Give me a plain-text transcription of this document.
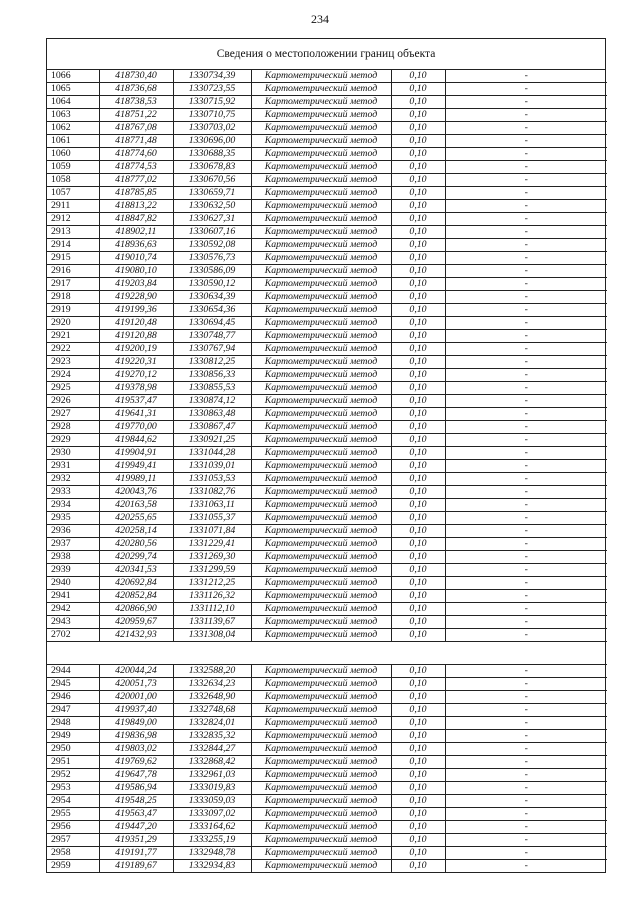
234
Сведения о местоположении границ объекта
1066	418730,40	1330734,39	Картометрический метод	0,10	-
1065	418736,68	1330723,55	Картометрический метод	0,10	-
1064	418738,53	1330715,92	Картометрический метод	0,10	-
1063	418751,22	1330710,75	Картометрический метод	0,10	-
1062	418767,08	1330703,02	Картометрический метод	0,10	-
1061	418771,48	1330696,00	Картометрический метод	0,10	-
1060	418774,60	1330688,35	Картометрический метод	0,10	-
1059	418774,53	1330678,83	Картометрический метод	0,10	-
1058	418777,02	1330670,56	Картометрический метод	0,10	-
1057	418785,85	1330659,71	Картометрический метод	0,10	-
2911	418813,22	1330632,50	Картометрический метод	0,10	-
2912	418847,82	1330627,31	Картометрический метод	0,10	-
2913	418902,11	1330607,16	Картометрический метод	0,10	-
2914	418936,63	1330592,08	Картометрический метод	0,10	-
2915	419010,74	1330576,73	Картометрический метод	0,10	-
2916	419080,10	1330586,09	Картометрический метод	0,10	-
2917	419203,84	1330590,12	Картометрический метод	0,10	-
2918	419228,90	1330634,39	Картометрический метод	0,10	-
2919	419199,36	1330654,36	Картометрический метод	0,10	-
2920	419120,48	1330694,45	Картометрический метод	0,10	-
2921	419120,88	1330748,77	Картометрический метод	0,10	-
2922	419200,19	1330767,94	Картометрический метод	0,10	-
2923	419220,31	1330812,25	Картометрический метод	0,10	-
2924	419270,12	1330856,33	Картометрический метод	0,10	-
2925	419378,98	1330855,53	Картометрический метод	0,10	-
2926	419537,47	1330874,12	Картометрический метод	0,10	-
2927	419641,31	1330863,48	Картометрический метод	0,10	-
2928	419770,00	1330867,47	Картометрический метод	0,10	-
2929	419844,62	1330921,25	Картометрический метод	0,10	-
2930	419904,91	1331044,28	Картометрический метод	0,10	-
2931	419949,41	1331039,01	Картометрический метод	0,10	-
2932	419989,11	1331053,53	Картометрический метод	0,10	-
2933	420043,76	1331082,76	Картометрический метод	0,10	-
2934	420163,58	1331063,11	Картометрический метод	0,10	-
2935	420255,65	1331055,37	Картометрический метод	0,10	-
2936	420258,14	1331071,84	Картометрический метод	0,10	-
2937	420280,56	1331229,41	Картометрический метод	0,10	-
2938	420299,74	1331269,30	Картометрический метод	0,10	-
2939	420341,53	1331299,59	Картометрический метод	0,10	-
2940	420692,84	1331212,25	Картометрический метод	0,10	-
2941	420852,84	1331126,32	Картометрический метод	0,10	-
2942	420866,90	1331112,10	Картометрический метод	0,10	-
2943	420959,67	1331139,67	Картометрический метод	0,10	-
2702	421432,93	1331308,04	Картометрический метод	0,10	-

2944	420044,24	1332588,20	Картометрический метод	0,10	-
2945	420051,73	1332634,23	Картометрический метод	0,10	-
2946	420001,00	1332648,90	Картометрический метод	0,10	-
2947	419937,40	1332748,68	Картометрический метод	0,10	-
2948	419849,00	1332824,01	Картометрический метод	0,10	-
2949	419836,98	1332835,32	Картометрический метод	0,10	-
2950	419803,02	1332844,27	Картометрический метод	0,10	-
2951	419769,62	1332868,42	Картометрический метод	0,10	-
2952	419647,78	1332961,03	Картометрический метод	0,10	-
2953	419586,94	1333019,83	Картометрический метод	0,10	-
2954	419548,25	1333059,03	Картометрический метод	0,10	-
2955	419563,47	1333097,02	Картометрический метод	0,10	-
2956	419447,20	1333164,62	Картометрический метод	0,10	-
2957	419351,29	1333255,19	Картометрический метод	0,10	-
2958	419191,77	1332948,78	Картометрический метод	0,10	-
2959	419189,67	1332934,83	Картометрический метод	0,10	-
